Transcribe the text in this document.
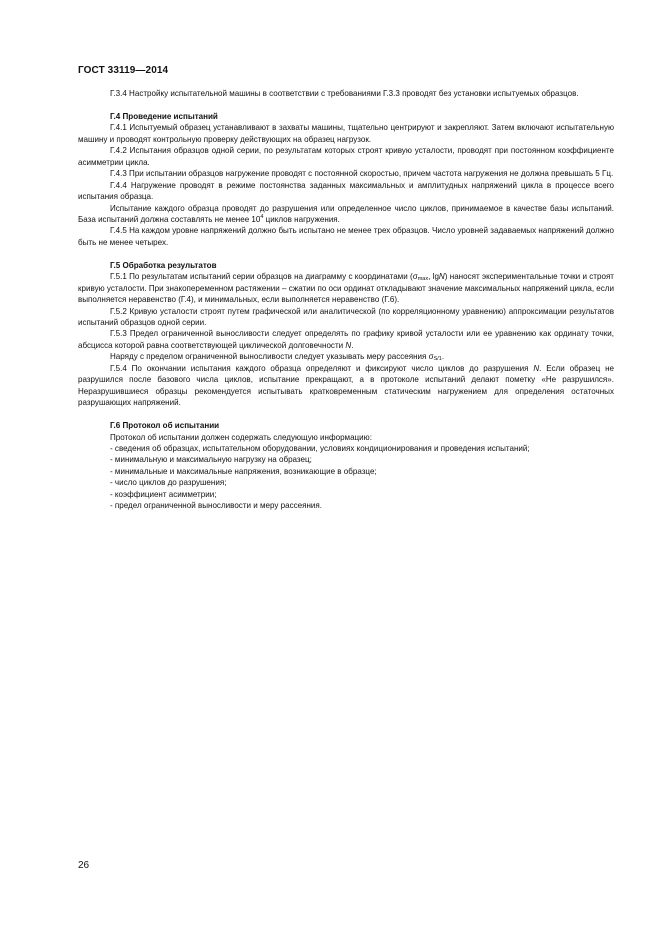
ГОСТ 33119—2014

Г.3.4 Настройку испытательной машины в соответствии с требованиями Г.3.3 проводят без установки испытуемых образцов.

Г.4 Проведение испытаний

Г.4.1 Испытуемый образец устанавливают в захваты машины, тщательно центрируют и закрепляют. Затем включают испытательную машину и проводят контрольную проверку действующих на образец нагрузок.

Г.4.2 Испытания образцов одной серии, по результатам которых строят кривую усталости, проводят при постоянном коэффициенте асимметрии цикла.

Г.4.3 При испытании образцов нагружение проводят с постоянной скоростью, причем частота нагружения не должна превышать 5 Гц.

Г.4.4 Нагружение проводят в режиме постоянства заданных максимальных и амплитудных напряжений цикла в процессе всего испытания образца.

Испытание каждого образца проводят до разрушения или определенное число циклов, принимаемое в качестве базы испытаний. База испытаний должна составлять не менее $10^4$ циклов нагружения.

Г.4.5 На каждом уровне напряжений должно быть испытано не менее трех образцов. Число уровней задаваемых напряжений должно быть не менее четырех.

Г.5 Обработка результатов

Г.5.1 По результатам испытаний серии образцов на диаграмму с координатами ($\sigma_{max}$, lgN) наносят экспериментальные точки и строят кривую усталости. При знакопеременном растяжении – сжатии по оси ординат откладывают значение максимальных напряжений цикла, если выполняется неравенство (Г.4), и минимальных, если выполняется неравенство (Г.6).

Г.5.2 Кривую усталости строят путем графической или аналитической (по корреляционному уравнению) аппроксимации результатов испытаний образцов одной серии.

Г.5.3 Предел ограниченной выносливости следует определять по графику кривой усталости или ее уравнению как ординату точки, абсцисса которой равна соответствующей циклической долговечности N.

Наряду с пределом ограниченной выносливости следует указывать меру рассеяния $\sigma_{S/1}$.

Г.5.4 По окончании испытания каждого образца определяют и фиксируют число циклов до разрушения N. Если образец не разрушился после базового числа циклов, испытание прекращают, а в протоколе испытаний делают пометку «Не разрушился». Неразрушившиеся образцы рекомендуется испытывать кратковременным статическим нагружением для определения остаточных разрушающих напряжений.

Г.6 Протокол об испытании

Протокол об испытании должен содержать следующую информацию:

- сведения об образцах, испытательном оборудовании, условиях кондиционирования и проведения испытаний;

- минимальную и максимальную нагрузку на образец;

- минимальные и максимальные напряжения, возникающие в образце;

- число циклов до разрушения;

- коэффициент асимметрии;

- предел ограниченной выносливости и меру рассеяния.

26
